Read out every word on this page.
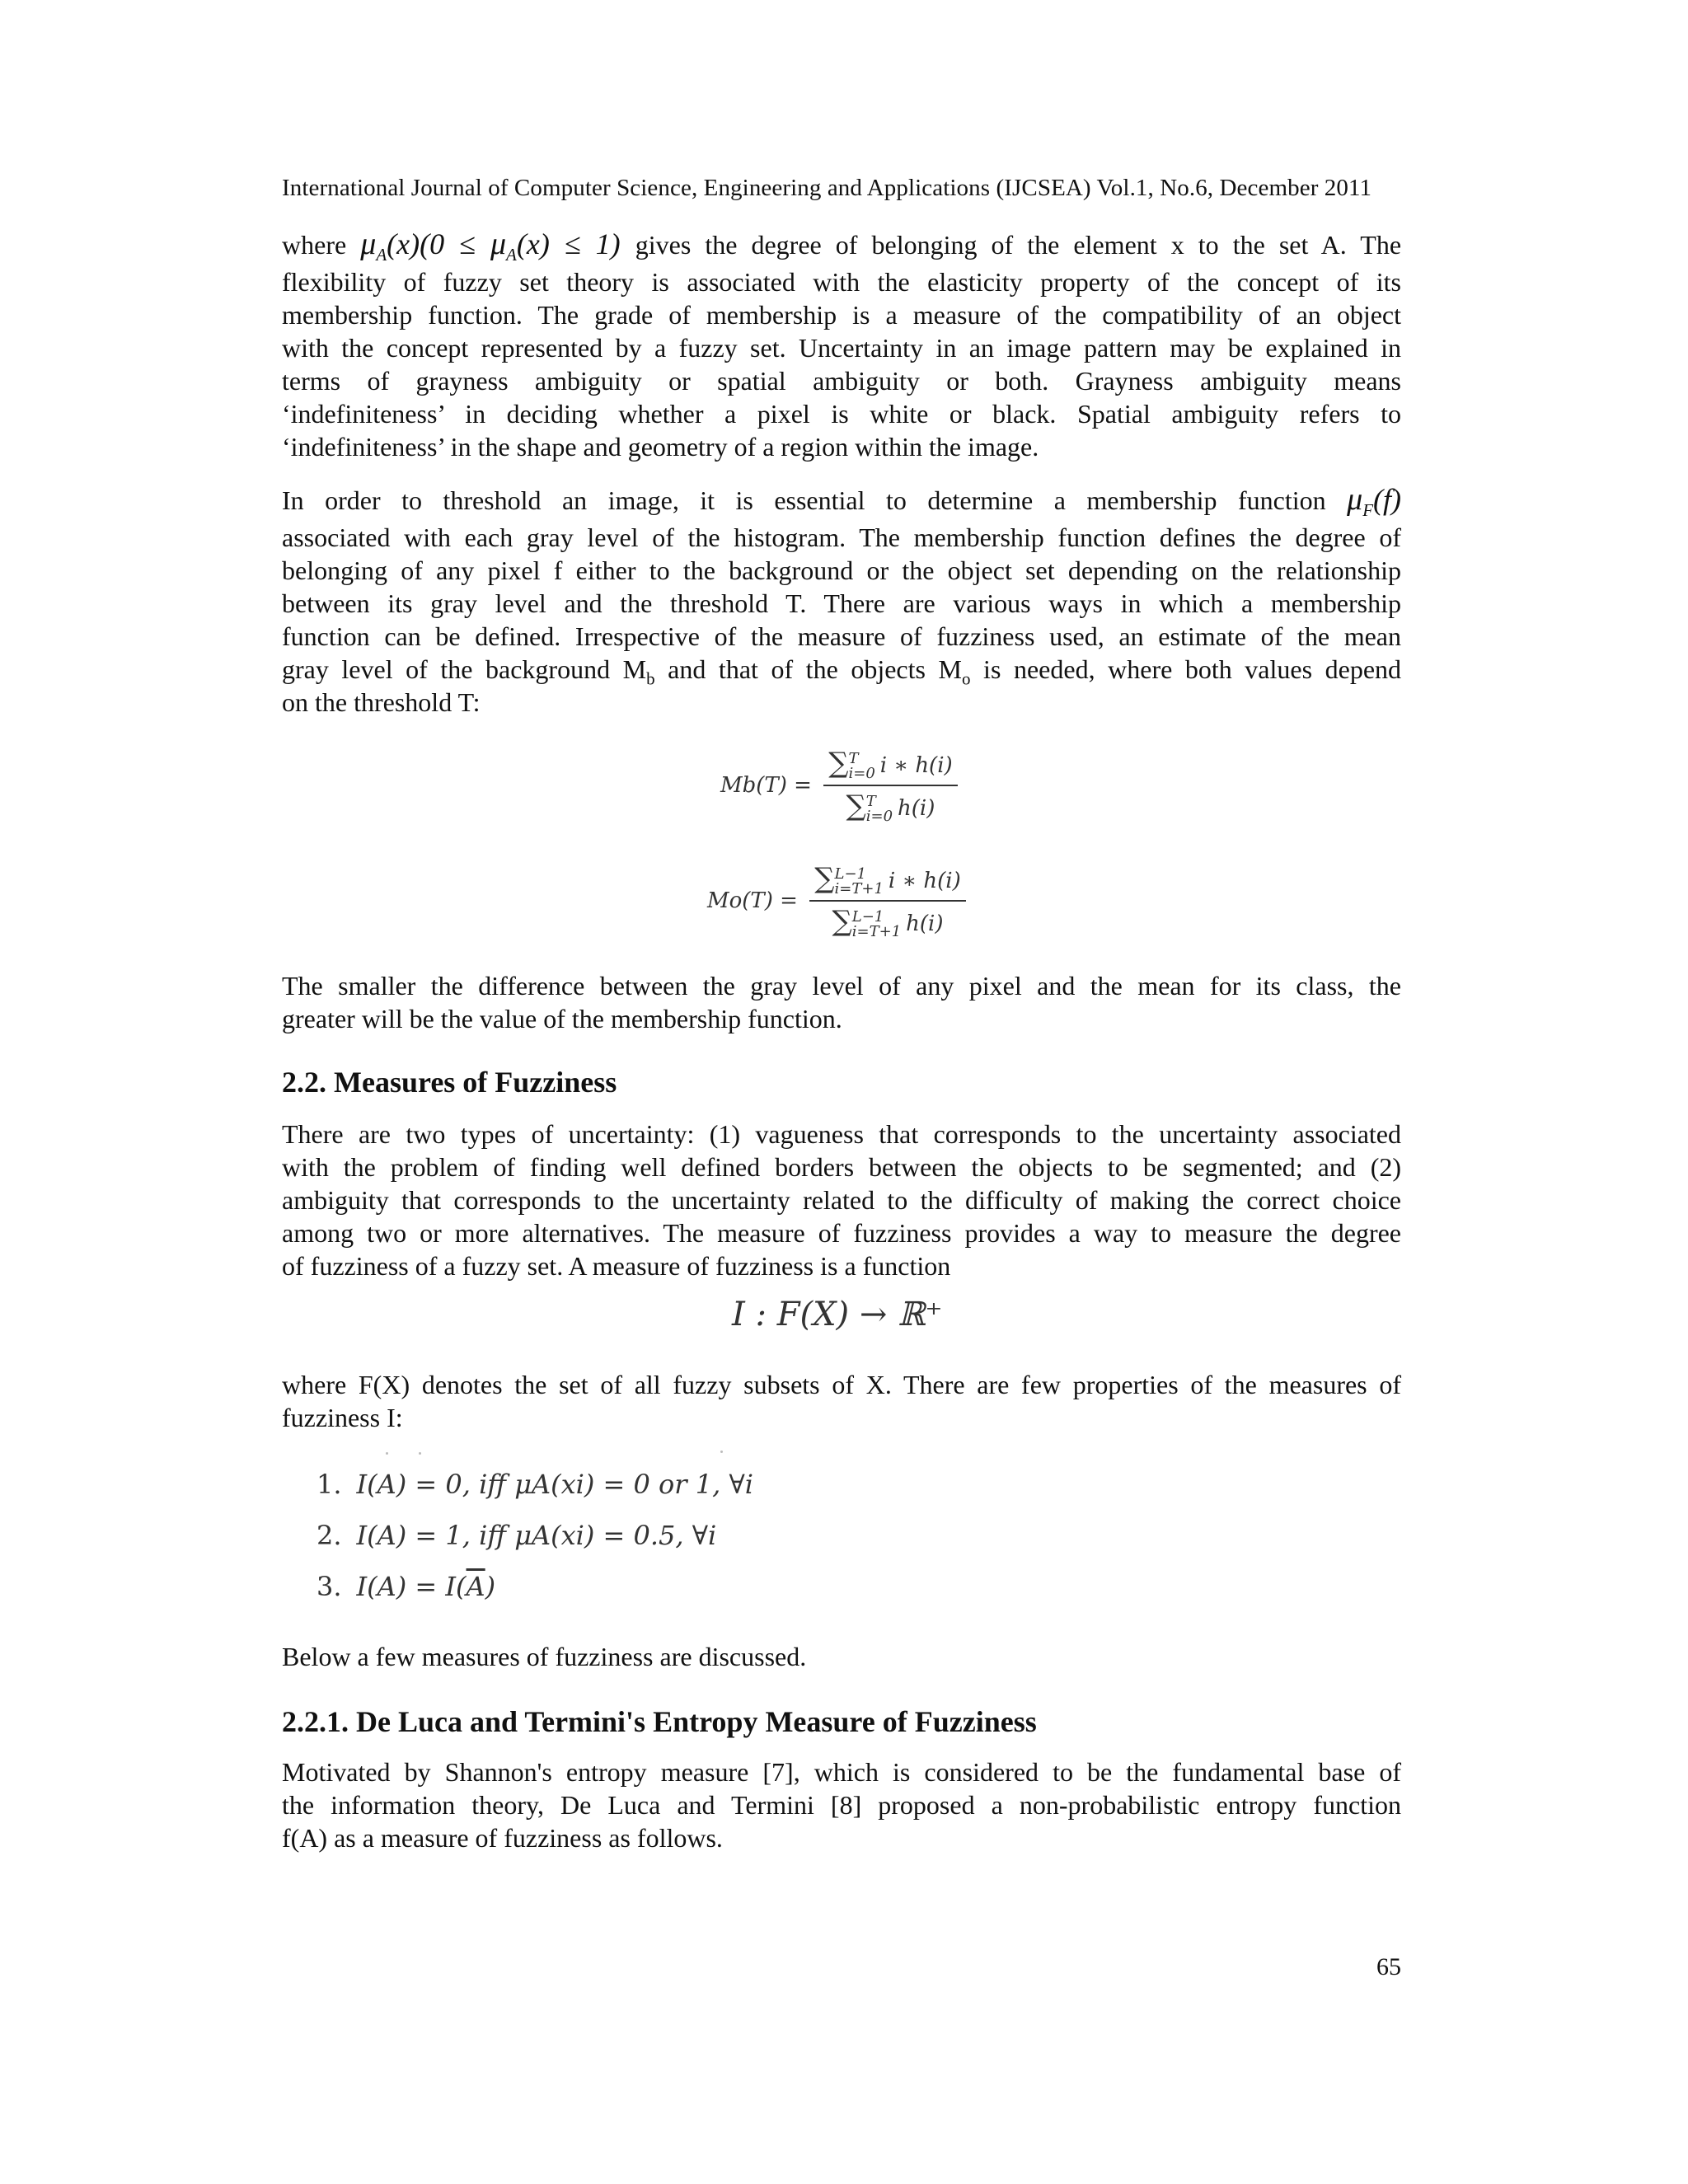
International Journal of Computer Science, Engineering and Applications (IJCSEA) Vol.1, No.6, December 2011
where $\mu_A(x)(0 \le \mu_A(x) \le 1)$ gives the degree of belonging of the element x to the set A. The
flexibility of fuzzy set theory is associated with the elasticity property of the concept of its
membership function. The grade of membership is a measure of the compatibility of an object
with the concept represented by a fuzzy set. Uncertainty in an image pattern may be explained in
terms of grayness ambiguity or spatial ambiguity or both. Grayness ambiguity means
‘indefiniteness’ in deciding whether a pixel is white or black. Spatial ambiguity refers to
‘indefiniteness’ in the shape and geometry of a region within the image.
In order to threshold an image, it is essential to determine a membership function $\mu_F(f)$
associated with each gray level of the histogram. The membership function defines the degree of
belonging of any pixel f either to the background or the object set depending on the relationship
between its gray level and the threshold T. There are various ways in which a membership
function can be defined. Irrespective of the measure of fuzziness used, an estimate of the mean
gray level of the background $M_b$ and that of the objects $M_o$ is needed, where both values depend
on the threshold T:
Mb(T) =
∑T
i=0 i ∗ h(i)
∑T
i=0 h(i)
Mo(T) =
∑L−1
i=T+1 i ∗ h(i)
∑L−1
i=T+1 h(i)
The smaller the difference between the gray level of any pixel and the mean for its class, the
greater will be the value of the membership function.
2.2. Measures of Fuzziness
There are two types of uncertainty: (1) vagueness that corresponds to the uncertainty associated
with the problem of finding well defined borders between the objects to be segmented; and (2)
ambiguity that corresponds to the uncertainty related to the difficulty of making the correct choice
among two or more alternatives. The measure of fuzziness provides a way to measure the degree
of fuzziness of a fuzzy set. A measure of fuzziness is a function
I : F(X) → ℝ⁺
where F(X) denotes the set of all fuzzy subsets of X. There are few properties of the measures of
fuzziness I:
1. I(A) = 0, iff μA(xi) = 0 or 1, ∀i
2. I(A) = 1, iff μA(xi) = 0.5, ∀i
3. $I(A) = I(\overline{A})$
Below a few measures of fuzziness are discussed.
2.2.1. De Luca and Termini's Entropy Measure of Fuzziness
Motivated by Shannon's entropy measure [7], which is considered to be the fundamental base of
the information theory, De Luca and Termini [8] proposed a non-probabilistic entropy function
f(A) as a measure of fuzziness as follows.
65
